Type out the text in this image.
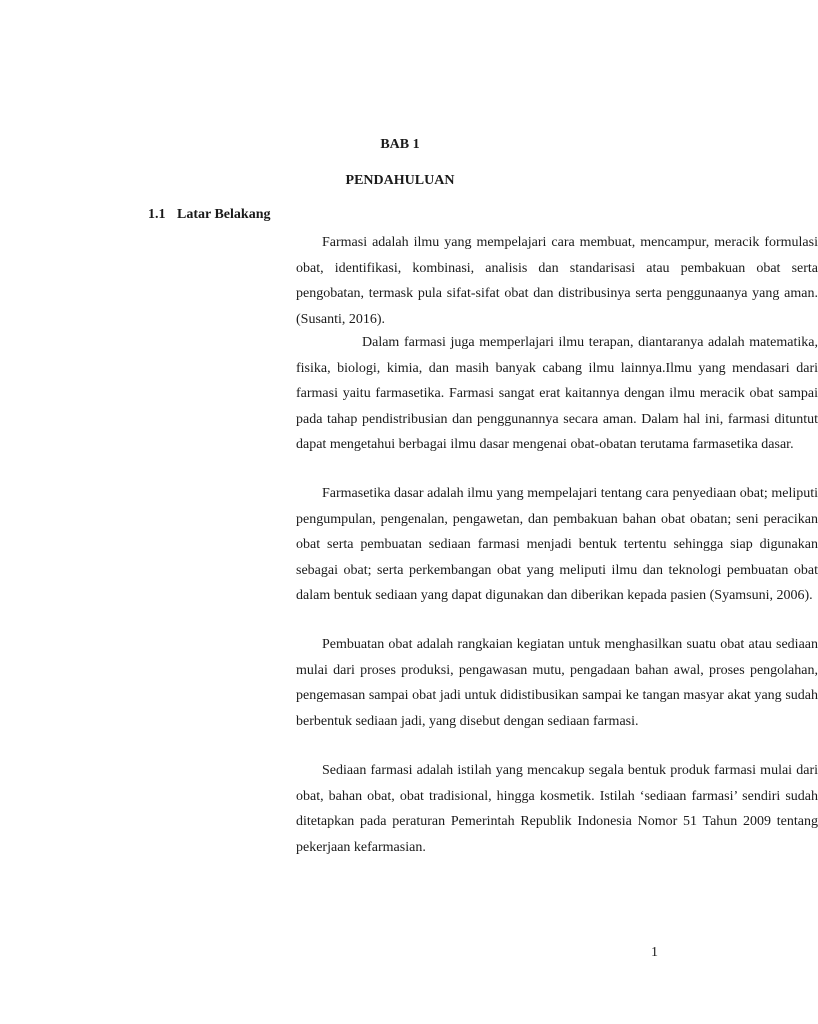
BAB 1
PENDAHULUAN
1.1 Latar Belakang

Farmasi adalah ilmu yang mempelajari cara membuat, mencampur, meracik formulasi obat, identifikasi, kombinasi, analisis dan standarisasi atau pembakuan obat serta pengobatan, termask pula sifat-sifat obat dan distribusinya serta penggunaanya yang aman. (Susanti, 2016).

Dalam farmasi juga memperlajari ilmu terapan, diantaranya adalah matematika, fisika, biologi, kimia, dan masih banyak cabang ilmu lainnya.Ilmu yang mendasari dari farmasi yaitu farmasetika. Farmasi sangat erat kaitannya dengan ilmu meracik obat sampai pada tahap pendistribusian dan penggunannya secara aman. Dalam hal ini, farmasi dituntut dapat mengetahui berbagai ilmu dasar mengenai obat-obatan terutama farmasetika dasar.

Farmasetika dasar adalah ilmu yang mempelajari tentang cara penyediaan obat; meliputi pengumpulan, pengenalan, pengawetan, dan pembakuan bahan obat obatan; seni peracikan obat serta pembuatan sediaan farmasi menjadi bentuk tertentu sehingga siap digunakan sebagai obat; serta perkembangan obat yang meliputi ilmu dan teknologi pembuatan obat dalam bentuk sediaan yang dapat digunakan dan diberikan kepada pasien (Syamsuni, 2006).

Pembuatan obat adalah rangkaian kegiatan untuk menghasilkan suatu obat atau sediaan mulai dari proses produksi, pengawasan mutu, pengadaan bahan awal, proses pengolahan, pengemasan sampai obat jadi untuk didistibusikan sampai ke tangan masyar akat yang sudah berbentuk sediaan jadi, yang disebut dengan sediaan farmasi.

Sediaan farmasi adalah istilah yang mencakup segala bentuk produk farmasi mulai dari obat, bahan obat, obat tradisional, hingga kosmetik. Istilah ‘sediaan farmasi’ sendiri sudah ditetapkan pada peraturan Pemerintah Republik Indonesia Nomor 51 Tahun 2009 tentang pekerjaan kefarmasian.

1
